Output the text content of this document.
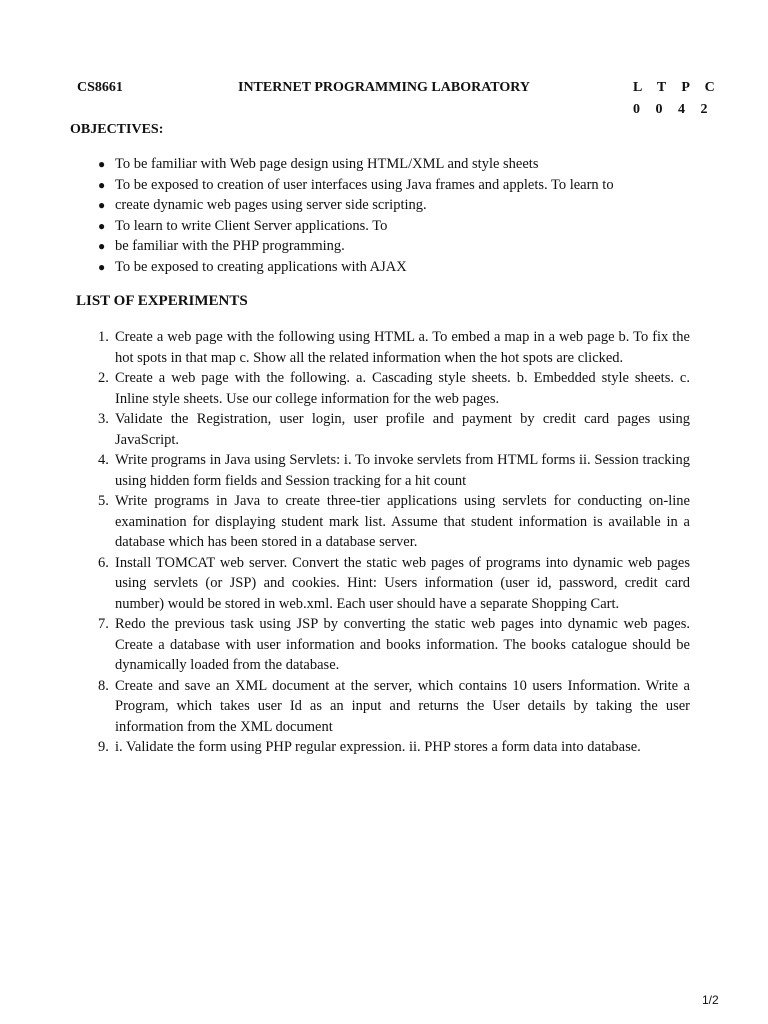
CS8661	INTERNET PROGRAMMING LABORATORY	L T P C
0 0 4 2
OBJECTIVES:
● To be familiar with Web page design using HTML/XML and style sheets
● To be exposed to creation of user interfaces using Java frames and applets. To learn to
● create dynamic web pages using server side scripting.
● To learn to write Client Server applications. To
● be familiar with the PHP programming.
● To be exposed to creating applications with AJAX
LIST OF EXPERIMENTS
1. Create a web page with the following using HTML a. To embed a map in a web page b. To fix the hot spots in that map c. Show all the related information when the hot spots are clicked.
2. Create a web page with the following. a. Cascading style sheets. b. Embedded style sheets. c. Inline style sheets. Use our college information for the web pages.
3. Validate the Registration, user login, user profile and payment by credit card pages using JavaScript.
4. Write programs in Java using Servlets: i. To invoke servlets from HTML forms ii. Session tracking using hidden form fields and Session tracking for a hit count
5. Write programs in Java to create three-tier applications using servlets for conducting on-line examination for displaying student mark list. Assume that student information is available in a database which has been stored in a database server.
6. Install TOMCAT web server. Convert the static web pages of programs into dynamic web pages using servlets (or JSP) and cookies. Hint: Users information (user id, password, credit card number) would be stored in web.xml. Each user should have a separate Shopping Cart.
7. Redo the previous task using JSP by converting the static web pages into dynamic web pages. Create a database with user information and books information. The books catalogue should be dynamically loaded from the database.
8. Create and save an XML document at the server, which contains 10 users Information. Write a Program, which takes user Id as an input and returns the User details by taking the user information from the XML document
9. i. Validate the form using PHP regular expression. ii. PHP stores a form data into database.
1/2
